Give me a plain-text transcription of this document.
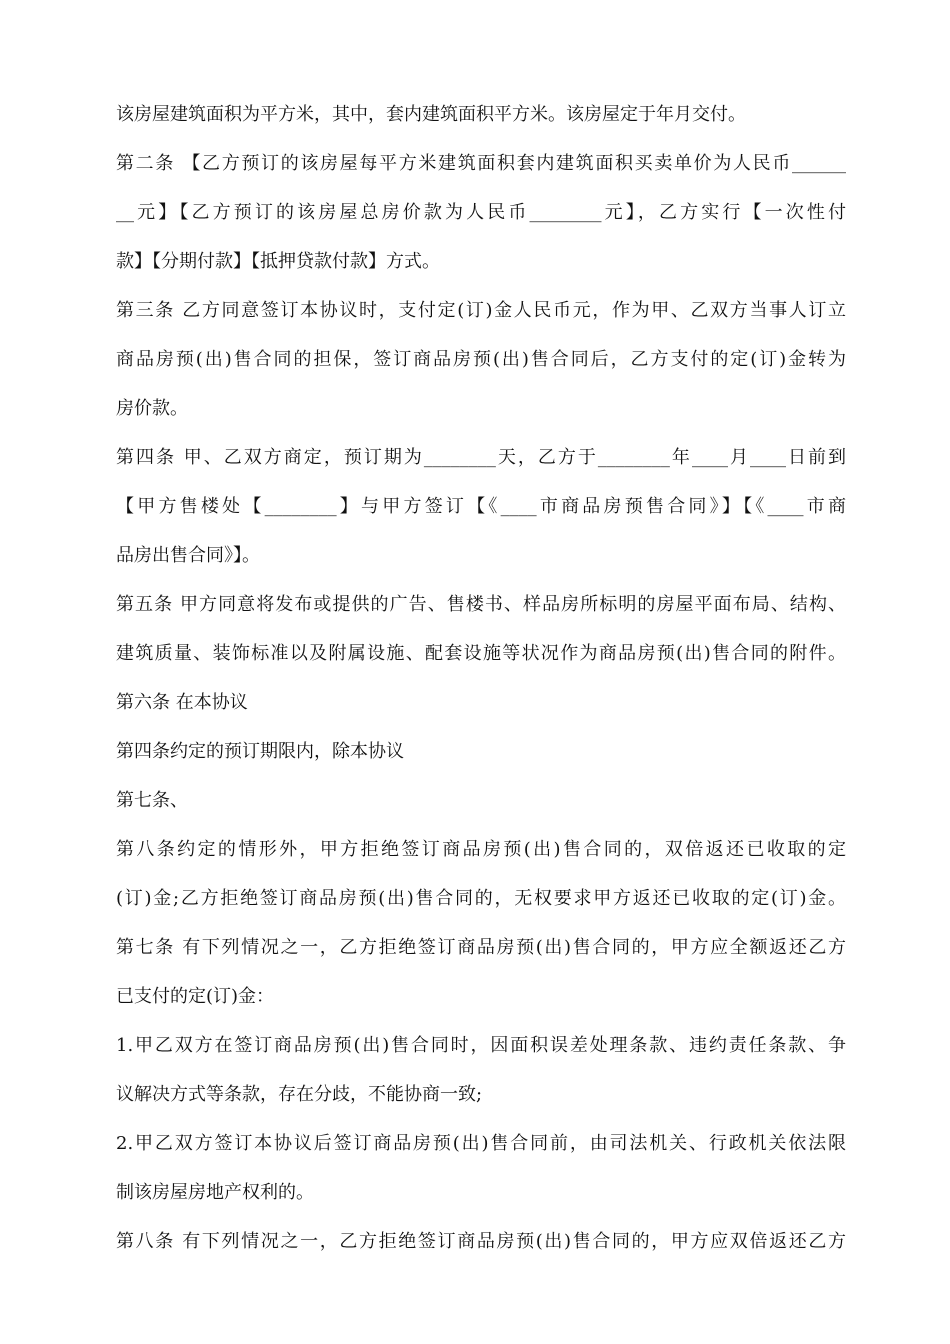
该房屋建筑面积为平方米，其中，套内建筑面积平方米。该房屋定于年月交付。

第二条 【乙方预订的该房屋每平方米建筑面积套内建筑面积买卖单价为人民币______

__元】【乙方预订的该房屋总房价款为人民币________元】，乙方实行【一次性付

款】【分期付款】【抵押贷款付款】方式。

第三条 乙方同意签订本协议时，支付定(订)金人民币元，作为甲、乙双方当事人订立

商品房预(出)售合同的担保，签订商品房预(出)售合同后，乙方支付的定(订)金转为

房价款。

第四条 甲、乙双方商定，预订期为________天，乙方于________年____月____日前到

【甲方售楼处【________】与甲方签订【《____市商品房预售合同》】【《____市商

品房出售合同》】。

第五条 甲方同意将发布或提供的广告、售楼书、样品房所标明的房屋平面布局、结构、

建筑质量、装饰标准以及附属设施、配套设施等状况作为商品房预(出)售合同的附件。

第六条 在本协议

第四条约定的预订期限内，除本协议

第七条、

第八条约定的情形外，甲方拒绝签订商品房预(出)售合同的，双倍返还已收取的定

(订)金;乙方拒绝签订商品房预(出)售合同的，无权要求甲方返还已收取的定(订)金。

第七条 有下列情况之一，乙方拒绝签订商品房预(出)售合同的，甲方应全额返还乙方

已支付的定(订)金：

1.甲乙双方在签订商品房预(出)售合同时，因面积误差处理条款、违约责任条款、争

议解决方式等条款，存在分歧，不能协商一致;

2.甲乙双方签订本协议后签订商品房预(出)售合同前，由司法机关、行政机关依法限

制该房屋房地产权利的。

第八条 有下列情况之一，乙方拒绝签订商品房预(出)售合同的，甲方应双倍返还乙方
